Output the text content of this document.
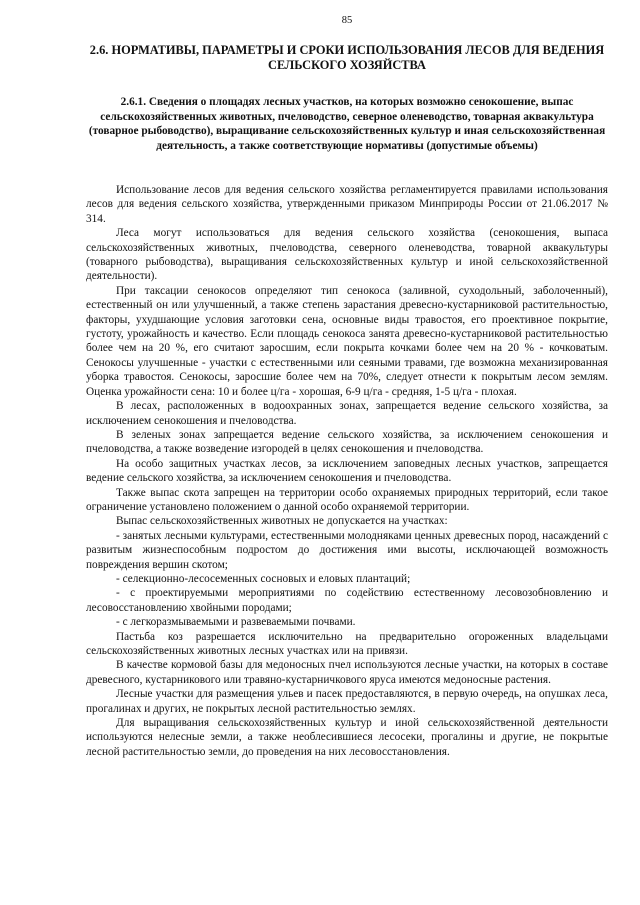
85
2.6. НОРМАТИВЫ, ПАРАМЕТРЫ И СРОКИ ИСПОЛЬЗОВАНИЯ ЛЕСОВ ДЛЯ ВЕДЕНИЯ СЕЛЬСКОГО ХОЗЯЙСТВА
2.6.1. Сведения о площадях лесных участков, на которых возможно сенокошение, выпас сельскохозяйственных животных, пчеловодство, северное оленеводство, товарная аквакультура (товарное рыбоводство), выращивание сельскохозяйственных культур и иная сельскохозяйственная деятельность, а также соответствующие нормативы (допустимые объемы)

Использование лесов для ведения сельского хозяйства регламентируется правилами использования лесов для ведения сельского хозяйства, утвержденными приказом Минприроды России от 21.06.2017 № 314.

Леса могут использоваться для ведения сельского хозяйства (сенокошения, выпаса сельскохозяйственных животных, пчеловодства, северного оленеводства, товарной аквакультуры (товарного рыбоводства), выращивания сельскохозяйственных культур и иной сельскохозяйственной деятельности).

При таксации сенокосов определяют тип сенокоса (заливной, суходольный, заболоченный), естественный он или улучшенный, а также степень зарастания древесно-кустарниковой растительностью, факторы, ухудшающие условия заготовки сена, основные виды травостоя, его проективное покрытие, густоту, урожайность и качество. Если площадь сенокоса занята древесно-кустарниковой растительностью более чем на 20 %, его считают заросшим, если покрыта кочками более чем на 20 % - кочковатым. Сенокосы улучшенные - участки с естественными или сеяными травами, где возможна механизированная уборка травостоя. Сенокосы, заросшие более чем на 70%, следует отнести к покрытым лесом землям. Оценка урожайности сена: 10 и более ц/га - хорошая, 6-9 ц/га - средняя, 1-5 ц/га - плохая.

В лесах, расположенных в водоохранных зонах, запрещается ведение сельского хозяйства, за исключением сенокошения и пчеловодства.

В зеленых зонах запрещается ведение сельского хозяйства, за исключением сенокошения и пчеловодства, а также возведение изгородей в целях сенокошения и пчеловодства.

На особо защитных участках лесов, за исключением заповедных лесных участков, запрещается ведение сельского хозяйства, за исключением сенокошения и пчеловодства.

Также выпас скота запрещен на территории особо охраняемых природных территорий, если такое ограничение установлено положением о данной особо охраняемой территории.

Выпас сельскохозяйственных животных не допускается на участках:

- занятых лесными культурами, естественными молодняками ценных древесных пород, насаждений с развитым жизнеспособным подростом до достижения ими высоты, исключающей возможность повреждения вершин скотом;

- селекционно-лесосеменных сосновых и еловых плантаций;

- с проектируемыми мероприятиями по содействию естественному лесовозобновлению и лесовосстановлению хвойными породами;

- с легкоразмываемыми и развеваемыми почвами.

Пастьба коз разрешается исключительно на предварительно огороженных владельцами сельскохозяйственных животных лесных участках или на привязи.

В качестве кормовой базы для медоносных пчел используются лесные участки, на которых в составе древесного, кустарникового или травяно-кустарничкового яруса имеются медоносные растения.

Лесные участки для размещения ульев и пасек предоставляются, в первую очередь, на опушках леса, прогалинах и других, не покрытых лесной растительностью землях.

Для выращивания сельскохозяйственных культур и иной сельскохозяйственной деятельности используются нелесные земли, а также необлесившиеся лесосеки, прогалины и другие, не покрытые лесной растительностью земли, до проведения на них лесовосстановления.
